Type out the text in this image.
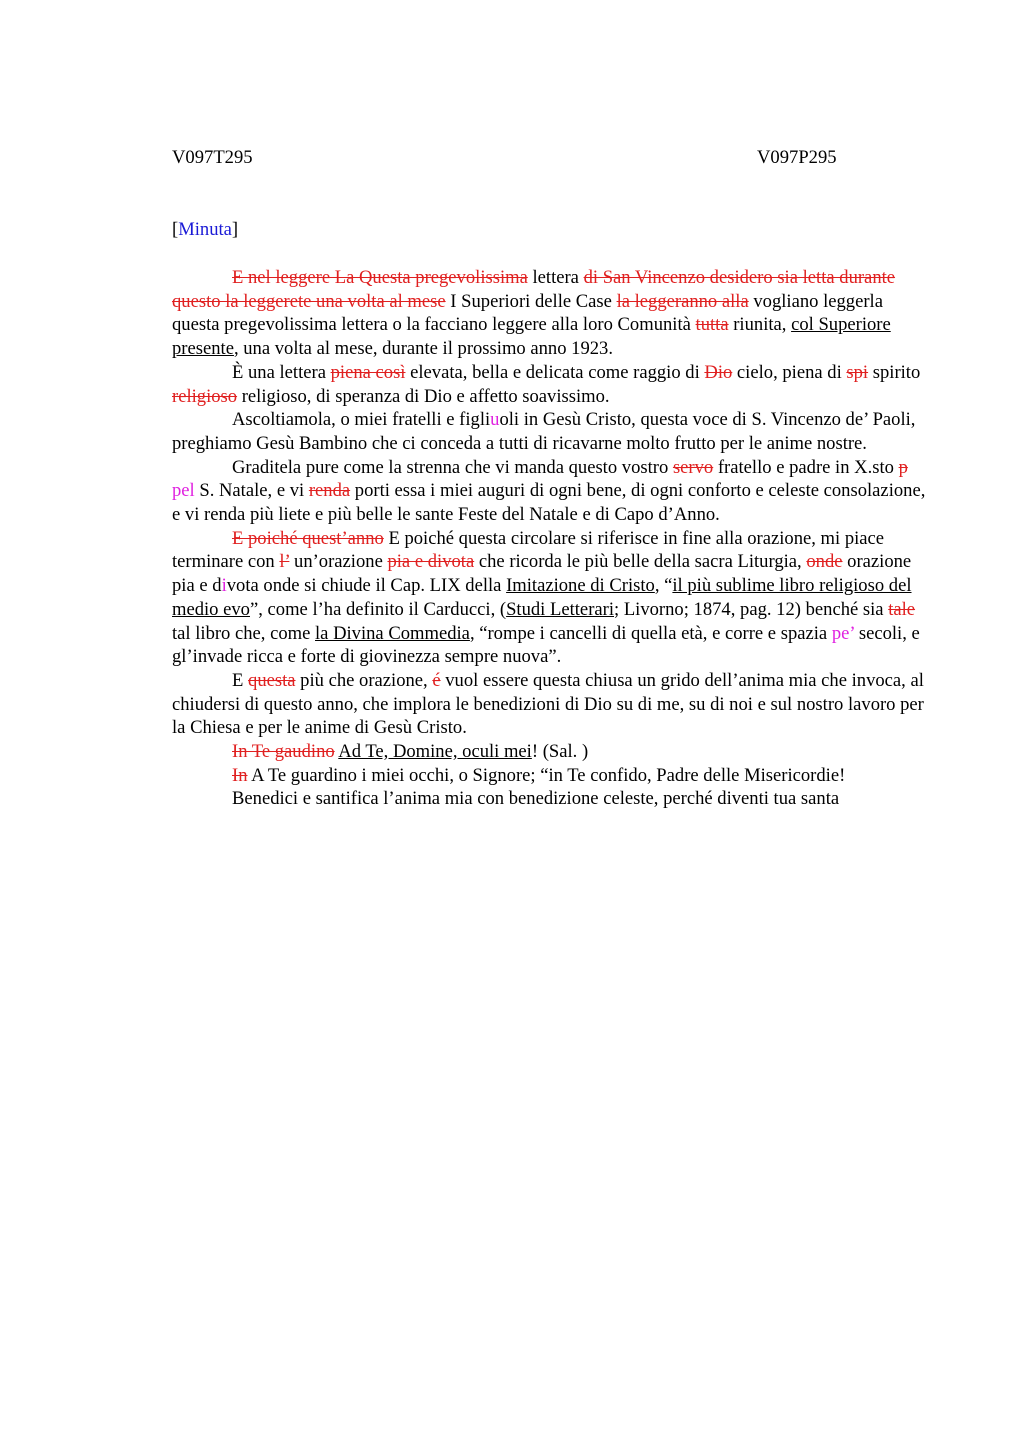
V097T295	V097P295
[Minuta]

E nel leggere La Questa pregevolissima lettera di San Vincenzo desidero sia letta durante questo la leggerete una volta al mese I Superiori delle Case la leggeranno alla vogliano leggerla questa pregevolissima lettera o la facciano leggere alla loro Comunità tutta riunita, col Superiore presente, una volta al mese, durante il prossimo anno 1923.

È una lettera piena così elevata, bella e delicata come raggio di Dio cielo, piena di spi spirito religioso religioso, di speranza di Dio e affetto soavissimo.

Ascoltiamola, o miei fratelli e figliuoli in Gesù Cristo, questa voce di S. Vincenzo de’ Paoli, preghiamo Gesù Bambino che ci conceda a tutti di ricavarne molto frutto per le anime nostre.

Graditela pure come la strenna che vi manda questo vostro servo fratello e padre in X.sto p pel S. Natale, e vi renda porti essa i miei auguri di ogni bene, di ogni conforto e celeste consolazione, e vi renda più liete e più belle le sante Feste del Natale e di Capo d’Anno.

E poiché quest’anno E poiché questa circolare si riferisce in fine alla orazione, mi piace terminare con l’ un’orazione pia e divota che ricorda le più belle della sacra Liturgia, onde orazione pia e divota onde si chiude il Cap. LIX della Imitazione di Cristo, “il più sublime libro religioso del medio evo”, come l’ha definito il Carducci, (Studi Letterari; Livorno; 1874, pag. 12) benché sia tale tal libro che, come la Divina Commedia, “rompe i cancelli di quella età, e corre e spazia pe’ secoli, e gl’invade ricca e forte di giovinezza sempre nuova”.

E questa più che orazione, é vuol essere questa chiusa un grido dell’anima mia che invoca, al chiudersi di questo anno, che implora le benedizioni di Dio su di me, su di noi e sul nostro lavoro per la Chiesa e per le anime di Gesù Cristo.

In Te gaudino Ad Te, Domine, oculi mei! (Sal. )

In A Te guardino i miei occhi, o Signore; “in Te confido, Padre delle Misericordie!

Benedici e santifica l’anima mia con benedizione celeste, perché diventi tua santa
